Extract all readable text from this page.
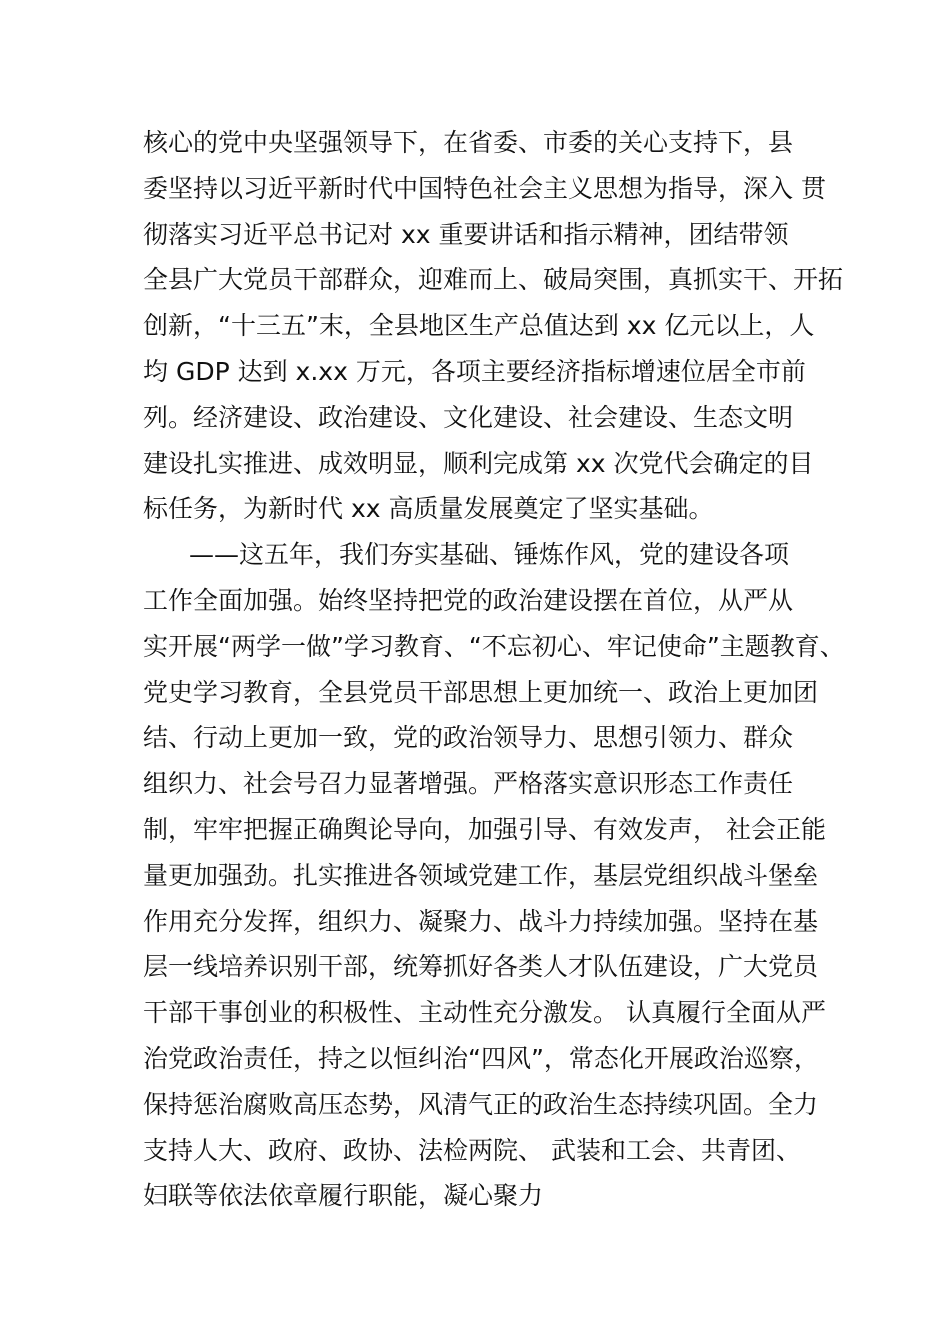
核心的党中央坚强领导下，在省委、市委的关心支持下，县
委坚持以习近平新时代中国特色社会主义思想为指导，深入 贯
彻落实习近平总书记对 xx 重要讲话和指示精神，团结带领
全县广大党员干部群众，迎难而上、破局突围，真抓实干、开拓
创新，“十三五”末，全县地区生产总值达到 xx 亿元以上，人
均 GDP 达到 x.xx 万元，各项主要经济指标增速位居全市前
列。经济建设、政治建设、文化建设、社会建设、生态文明
建设扎实推进、成效明显，顺利完成第 xx 次党代会确定的目
标任务，为新时代 xx 高质量发展奠定了坚实基础。
——这五年，我们夯实基础、锤炼作风，党的建设各项
工作全面加强。始终坚持把党的政治建设摆在首位，从严从
实开展“两学一做”学习教育、“不忘初心、牢记使命”主题教育、
党史学习教育，全县党员干部思想上更加统一、政治上更加团
结、行动上更加一致，党的政治领导力、思想引领力、群众
组织力、社会号召力显著增强。严格落实意识形态工作责任
制，牢牢把握正确舆论导向，加强引导、有效发声， 社会正能
量更加强劲。扎实推进各领域党建工作，基层党组织战斗堡垒
作用充分发挥，组织力、凝聚力、战斗力持续加强。坚持在基
层一线培养识别干部，统筹抓好各类人才队伍建设，广大党员
干部干事创业的积极性、主动性充分激发。 认真履行全面从严
治党政治责任，持之以恒纠治“四风”，常态化开展政治巡察，
保持惩治腐败高压态势，风清气正的政治生态持续巩固。全力
支持人大、政府、政协、法检两院、 武装和工会、共青团、
妇联等依法依章履行职能，凝心聚力
